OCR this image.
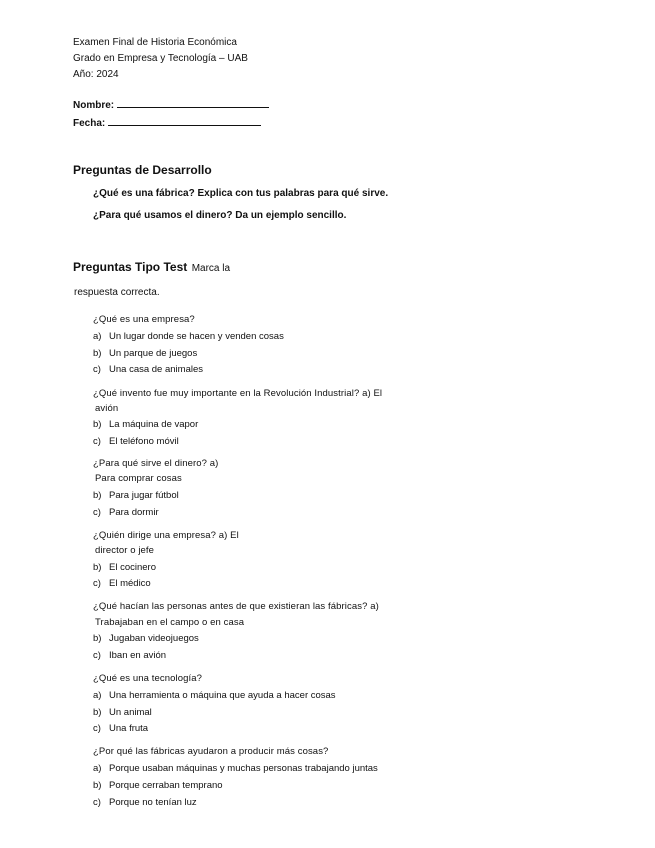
Examen Final de Historia Económica
Grado en Empresa y Tecnología – UAB
Año: 2024
Nombre:
Fecha:
Preguntas de Desarrollo
¿Qué es una fábrica? Explica con tus palabras para qué sirve.
¿Para qué usamos el dinero? Da un ejemplo sencillo.
Preguntas Tipo Test Marca la
respuesta correcta.
¿Qué es una empresa?
a) Un lugar donde se hacen y venden cosas
b) Un parque de juegos
c) Una casa de animales
¿Qué invento fue muy importante en la Revolución Industrial? a) El
avión
b) La máquina de vapor
c) El teléfono móvil
¿Para qué sirve el dinero? a)
Para comprar cosas
b) Para jugar fútbol
c) Para dormir
¿Quién dirige una empresa? a) El
director o jefe
b) El cocinero
c) El médico
¿Qué hacían las personas antes de que existieran las fábricas? a)
Trabajaban en el campo o en casa
b) Jugaban videojuegos
c) Iban en avión
¿Qué es una tecnología?
a) Una herramienta o máquina que ayuda a hacer cosas
b) Un animal
c) Una fruta
¿Por qué las fábricas ayudaron a producir más cosas?
a) Porque usaban máquinas y muchas personas trabajando juntas
b) Porque cerraban temprano
c) Porque no tenían luz
